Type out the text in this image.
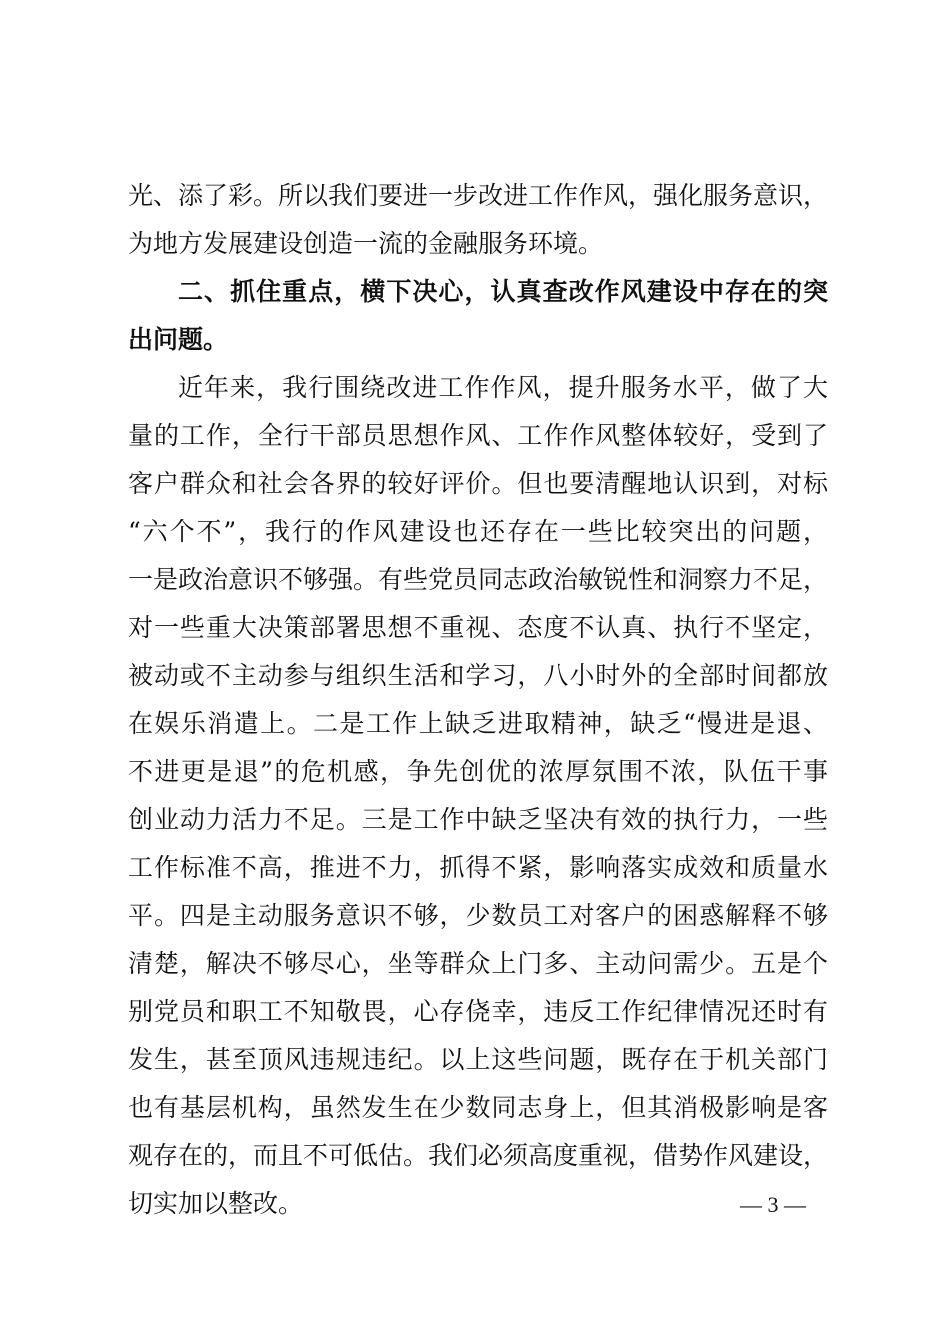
光、添了彩。所以我们要进一步改进工作作风，强化服务意识，
为地方发展建设创造一流的金融服务环境。
二、抓住重点，横下决心，认真查改作风建设中存在的突
出问题。
近年来，我行围绕改进工作作风，提升服务水平，做了大
量的工作，全行干部员思想作风、工作作风整体较好，受到了
客户群众和社会各界的较好评价。但也要清醒地认识到，对标
“六个不”，我行的作风建设也还存在一些比较突出的问题，
一是政治意识不够强。有些党员同志政治敏锐性和洞察力不足，
对一些重大决策部署思想不重视、态度不认真、执行不坚定，
被动或不主动参与组织生活和学习，八小时外的全部时间都放
在娱乐消遣上。二是工作上缺乏进取精神，缺乏“慢进是退、
不进更是退”的危机感，争先创优的浓厚氛围不浓，队伍干事
创业动力活力不足。三是工作中缺乏坚决有效的执行力，一些
工作标准不高，推进不力，抓得不紧，影响落实成效和质量水
平。四是主动服务意识不够，少数员工对客户的困惑解释不够
清楚，解决不够尽心，坐等群众上门多、主动问需少。五是个
别党员和职工不知敬畏，心存侥幸，违反工作纪律情况还时有
发生，甚至顶风违规违纪。以上这些问题，既存在于机关部门
也有基层机构，虽然发生在少数同志身上，但其消极影响是客
观存在的，而且不可低估。我们必须高度重视，借势作风建设，
切实加以整改。	— 3 —
